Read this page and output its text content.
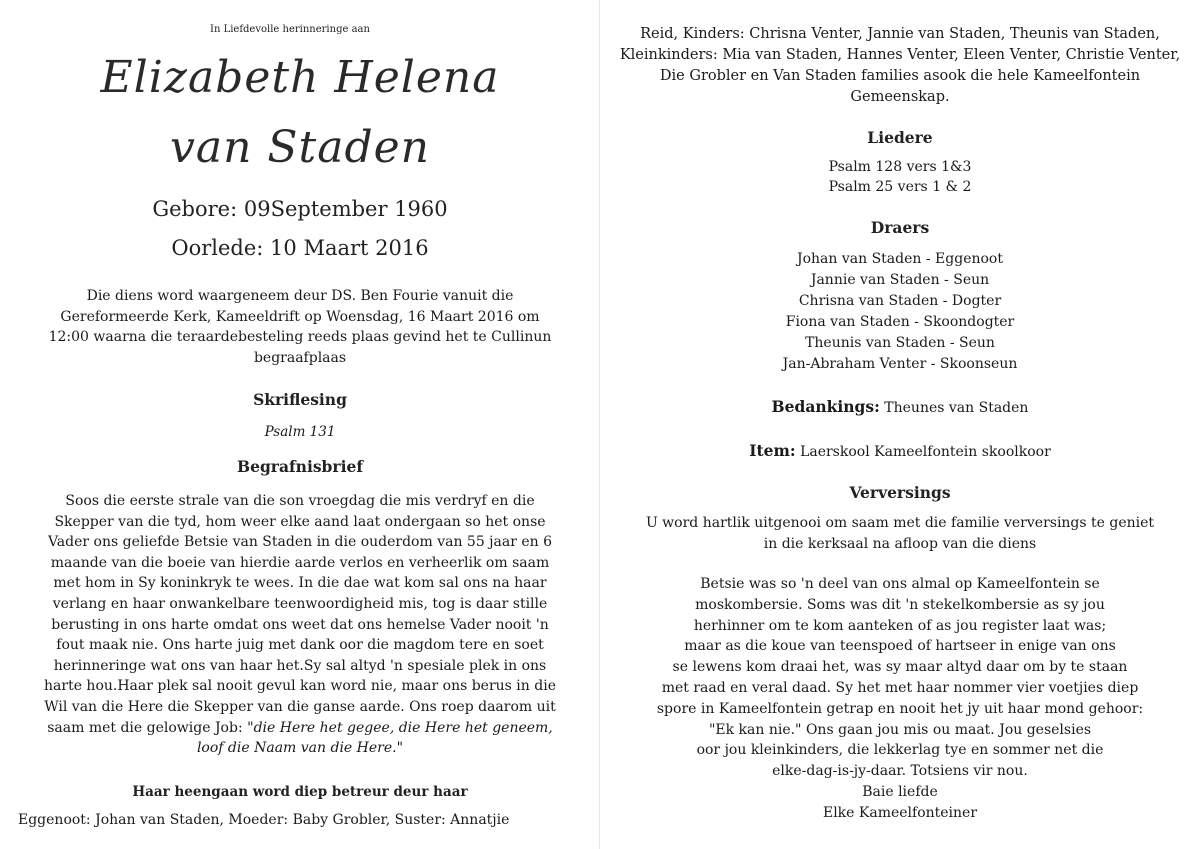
In Liefdevolle herinneringe aan
Elizabeth Helena
van Staden
Gebore: 09September 1960
Oorlede: 10 Maart 2016
Die diens word waargeneem deur DS. Ben Fourie vanuit die Gereformeerde Kerk, Kameeldrift op Woensdag, 16 Maart 2016 om 12:00 waarna die teraardebesteling reeds plaas gevind het te Cullinun begraafplaas
Skriflesing
Psalm 131
Begrafnisbrief
Soos die eerste strale van die son vroegdag die mis verdryf en die Skepper van die tyd, hom weer elke aand laat ondergaan so het onse Vader ons geliefde Betsie van Staden in die ouderdom van 55 jaar en 6 maande van die boeie van hierdie aarde verlos en verheerlik om saam met hom in Sy koninkryk te wees. In die dae wat kom sal ons na haar verlang en haar onwankelbare teenwoordigheid mis, tog is daar stille berusting in ons harte omdat ons weet dat ons hemelse Vader nooit 'n fout maak nie. Ons harte juig met dank oor die magdom tere en soet herinneringe wat ons van haar het.Sy sal altyd 'n spesiale plek in ons harte hou.Haar plek sal nooit gevul kan word nie, maar ons berus in die Wil van die Here die Skepper van die ganse aarde. Ons roep daarom uit saam met die gelowige Job: "die Here het gegee, die Here het geneem, loof die Naam van die Here."
Haar heengaan word diep betreur deur haar
Eggenoot: Johan van Staden, Moeder: Baby Grobler, Suster: Annatjie
Reid, Kinders: Chrisna Venter, Jannie van Staden, Theunis van Staden, Kleinkinders: Mia van Staden, Hannes Venter, Eleen Venter, Christie Venter, Die Grobler en Van Staden families asook die hele Kameelfontein Gemeenskap.
Liedere
Psalm 128 vers 1&3
Psalm 25 vers 1 & 2
Draers
Johan van Staden - Eggenoot
Jannie van Staden - Seun
Chrisna van Staden - Dogter
Fiona van Staden - Skoondogter
Theunis van Staden - Seun
Jan-Abraham Venter - Skoonseun
Bedankings: Theunes van Staden
Item: Laerskool Kameelfontein skoolkoor
Verversings
U word hartlik uitgenooi om saam met die familie verversings te geniet in die kerksaal na afloop van die diens
Betsie was so 'n deel van ons almal op Kameelfontein se
moskombersie. Soms was dit 'n stekelkombersie as sy jou
herhinner om te kom aanteken of as jou register laat was;
maar as die koue van teenspoed of hartseer in enige van ons
se lewens kom draai het, was sy maar altyd daar om by te staan
met raad en veral daad. Sy het met haar nommer vier voetjies diep
spore in Kameelfontein getrap en nooit het jy uit haar mond gehoor:
"Ek kan nie." Ons gaan jou mis ou maat. Jou geselsies
oor jou kleinkinders, die lekkerlag tye en sommer net die
elke-dag-is-jy-daar. Totsiens vir nou.
Baie liefde
Elke Kameelfonteiner
